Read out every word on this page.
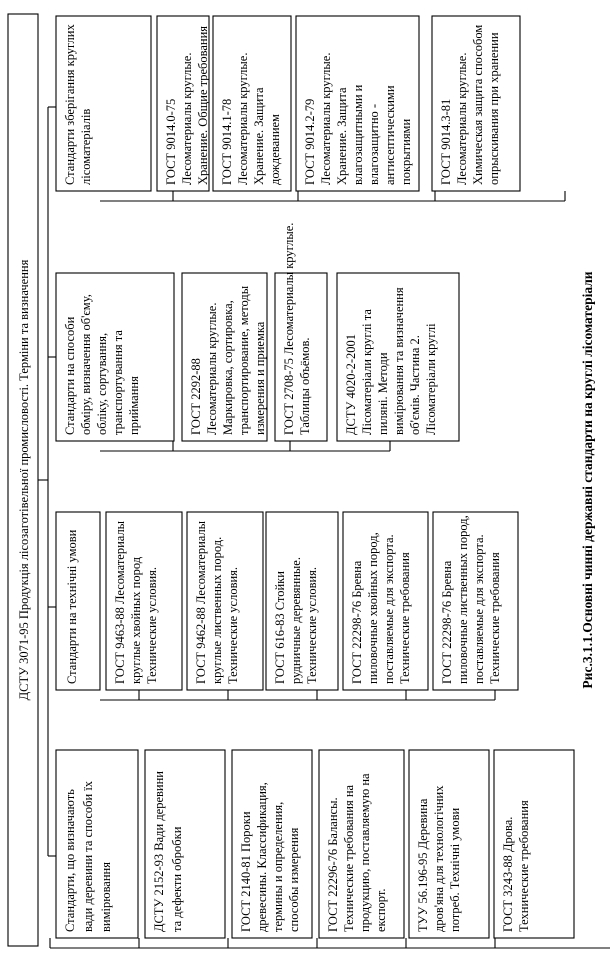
ДСТУ 3071-95 Продукція лісозаготівельної промисловості. Терміни та визначення
Стандарти, що визначають вади деревини та способи їх вимірювання	ДСТУ 2152-93 Вади деревини та дефекти обробки	ГОСТ 2140-81 Пороки древесины. Классификация, термины и определения, способы измерения ГОСТ 22296-76 Балансы. Технические требования на продукцию, поставляемую на експорт. ТУУ 56.196-95 Деревина дров'яна для технологічних потреб. Технічні умови	ГОСТ 3243-88 Дрова. Технические требования
Стандарти на технічні умови	ГОСТ 9463-88 Лесоматериалы круглые хвойных пород Технические условия.	ГОСТ 9462-88 Лесоматериалы круглые лиственных пород. Технические условия.	ГОСТ 616-83 Стойки рудничные деревянные. Технические условия. ГОСТ 22298-76 Бревна пиловочные хвойных пород, поставляемые для экспорта. Технические требования ГОСТ 22298-76 Бревна пиловочные лиственных пород, поставляемые для экспорта. Технические требования
Стандарти на способи обміру, визначення об'єму, обліку, сортування, транспортування та приймання	ГОСТ 2292-88 Лесоматериалы круглые. Маркировка, сортировка, транспортирование, методы измерения и приемка ГОСТ 2708-75 Лесоматериалы круглые. Таблицы объёмов.	ДСТУ 4020-2-2001 Лісоматеріали круглі та пиляні. Методи вимірювання та визначення об'ємів. Частина 2. Лісоматеріали круглі
Стандарти зберігання круглих лісоматеріалів	ГОСТ 9014.0-75 Лесоматериалы круглые. Хранение. Общие требования ГОСТ 9014.1-78 Лесоматериалы круглые. Хранение. Защита дождеванием ГОСТ 9014.2-79 Лесоматериалы круглые. Хранение. Защита влагозащитными и влагозащитно - антисептическими покрытиями ГОСТ 9014.3-81 Лесоматериалы круглые. Химическая защита способом опрыскивания при хранении
Рис.3.1.1.Основні чинні державні стандарти на круглі лісоматеріали
